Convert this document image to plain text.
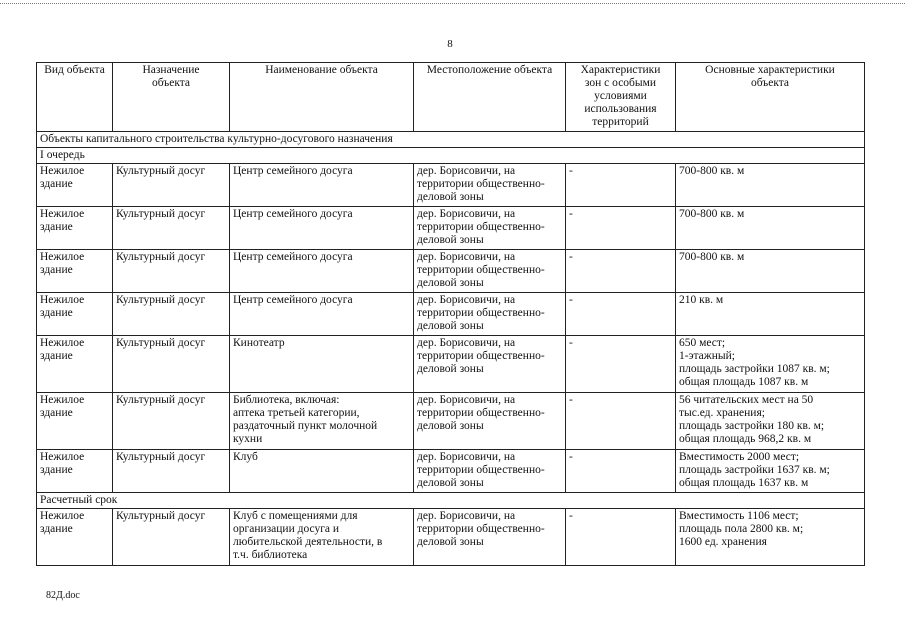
8
Вид объекта	Назначение
объекта	Наименование объекта	Местоположение объекта	Характеристики
зон с особыми
условиями
использования
территорий	Основные характеристики
объекта
Объекты капитального строительства культурно-досугового назначения					
I очередь					
Нежилое
здание	Культурный досуг	Центр семейного досуга	дер. Борисовичи, на
территории общественно-
деловой зоны	-	700-800 кв. м
Нежилое
здание	Культурный досуг	Центр семейного досуга	дер. Борисовичи, на
территории общественно-
деловой зоны	-	700-800 кв. м
Нежилое
здание	Культурный досуг	Центр семейного досуга	дер. Борисовичи, на
территории общественно-
деловой зоны	-	700-800 кв. м
Нежилое
здание	Культурный досуг	Центр семейного досуга	дер. Борисовичи, на
территории общественно-
деловой зоны	-	210 кв. м
Нежилое
здание	Культурный досуг	Кинотеатр	дер. Борисовичи, на
территории общественно-
деловой зоны	-	650 мест;
1-этажный;
площадь застройки 1087 кв. м;
общая площадь 1087 кв. м
Нежилое
здание	Культурный досуг	Библиотека, включая:
аптека третьей категории,
раздаточный пункт молочной
кухни	дер. Борисовичи, на
территории общественно-
деловой зоны	-	56 читательских мест на 50
тыс.ед. хранения;
площадь застройки 180 кв. м;
общая площадь 968,2 кв. м
Нежилое
здание	Культурный досуг	Клуб	дер. Борисовичи, на
территории общественно-
деловой зоны	-	Вместимость 2000 мест;
площадь застройки 1637 кв. м;
общая площадь 1637 кв. м
Расчетный срок					
Нежилое
здание	Культурный досуг	Клуб с помещениями для
организации досуга и
любительской деятельности, в
т.ч. библиотека	дер. Борисовичи, на
территории общественно-
деловой зоны	-	Вместимость 1106 мест;
площадь пола 2800 кв. м;
1600 ед. хранения
82Д.doc
